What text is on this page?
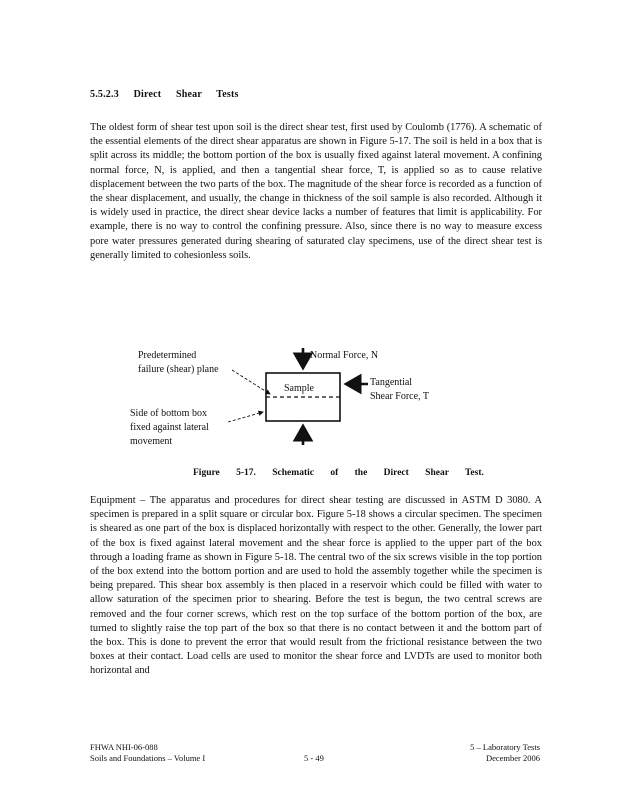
5.5.2.3 Direct Shear Tests

The oldest form of shear test upon soil is the direct shear test, first used by Coulomb (1776). A schematic of the essential elements of the direct shear apparatus are shown in Figure 5-17. The soil is held in a box that is split across its middle; the bottom portion of the box is usually fixed against lateral movement. A confining normal force, N, is applied, and then a tangential shear force, T, is applied so as to cause relative displacement between the two parts of the box. The magnitude of the shear force is recorded as a function of the shear displacement, and usually, the change in thickness of the soil sample is also recorded. Although it is widely used in practice, the direct shear device lacks a number of features that limit is applicability. For example, there is no way to control the confining pressure. Also, since there is no way to measure excess pore water pressures generated during shearing of saturated clay specimens, use of the direct shear test is generally limited to cohesionless soils.

Predetermined
failure (shear) plane
Normal Force, N
Sample
Tangential
Shear Force, T
Side of bottom box
fixed against lateral
movement
Figure 5-17. Schematic of the Direct Shear Test.

Equipment – The apparatus and procedures for direct shear testing are discussed in ASTM D 3080. A specimen is prepared in a split square or circular box. Figure 5-18 shows a circular specimen. The specimen is sheared as one part of the box is displaced horizontally with respect to the other. Generally, the lower part of the box is fixed against lateral movement and the shear force is applied to the upper part of the box through a loading frame as shown in Figure 5-18. The central two of the six screws visible in the top portion of the box extend into the bottom portion and are used to hold the assembly together while the specimen is being prepared. This shear box assembly is then placed in a reservoir which could be filled with water to allow saturation of the specimen prior to shearing. Before the test is begun, the two central screws are removed and the four corner screws, which rest on the top surface of the bottom portion of the box, are turned to slightly raise the top part of the box so that there is no contact between it and the bottom part of the box. This is done to prevent the error that would result from the frictional resistance between the two boxes at their contact. Load cells are used to monitor the shear force and LVDTs are used to monitor both horizontal and

FHWA NHI-06-088
Soils and Foundations – Volume I	5 - 49
5 – Laboratory Tests
December 2006
